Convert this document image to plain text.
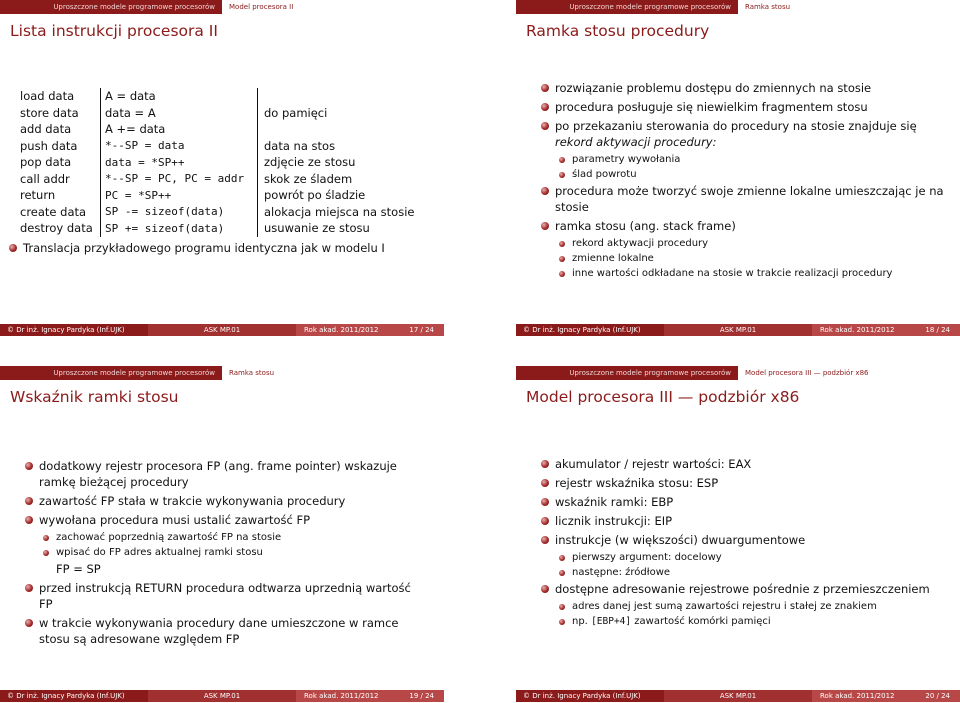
Uproszczone modele programowe procesorów	Model procesora II
Lista instrukcji procesora II
load data	A = data
store data	data = A	do pamięci
add data	A += data
push data	*--SP = data	data na stos
pop data	data = *SP++	zdjęcie ze stosu
call addr	*--SP = PC, PC = addr	skok ze śladem
return	PC = *SP++	powrót po śladzie
create data	SP -= sizeof(data)	alokacja miejsca na stosie
destroy data	SP += sizeof(data)	usuwanie ze stosu
Translacja przykładowego programu identyczna jak w modelu I
© Dr inż. Ignacy Pardyka (Inf.UJK)	ASK MP.01	Rok akad. 2011/2012	17 / 24
Uproszczone modele programowe procesorów	Ramka stosu
Ramka stosu procedury
rozwiązanie problemu dostępu do zmiennych na stosie
procedura posługuje się niewielkim fragmentem stosu
po przekazaniu sterowania do procedury na stosie znajduje się
rekord aktywacji procedury:
parametry wywołania
ślad powrotu
procedura może tworzyć swoje zmienne lokalne umieszczając je na stosie
ramka stosu (ang. stack frame)
rekord aktywacji procedury
zmienne lokalne
inne wartości odkładane na stosie w trakcie realizacji procedury
© Dr inż. Ignacy Pardyka (Inf.UJK)	ASK MP.01	Rok akad. 2011/2012	18 / 24
Uproszczone modele programowe procesorów	Ramka stosu
Wskaźnik ramki stosu
dodatkowy rejestr procesora FP (ang. frame pointer) wskazuje ramkę bieżącej procedury
zawartość FP stała w trakcie wykonywania procedury
wywołana procedura musi ustalić zawartość FP
zachować poprzednią zawartość FP na stosie
wpisać do FP adres aktualnej ramki stosu
FP = SP
przed instrukcją RETURN procedura odtwarza uprzednią wartość FP
w trakcie wykonywania procedury dane umieszczone w ramce stosu są adresowane względem FP
© Dr inż. Ignacy Pardyka (Inf.UJK)	ASK MP.01	Rok akad. 2011/2012	19 / 24
Uproszczone modele programowe procesorów	Model procesora III — podzbiór x86
Model procesora III — podzbiór x86
akumulator / rejestr wartości: EAX
rejestr wskaźnika stosu: ESP
wskaźnik ramki: EBP
licznik instrukcji: EIP
instrukcje (w większości) dwuargumentowe
pierwszy argument: docelowy
następne: źródłowe
dostępne adresowanie rejestrowe pośrednie z przemieszczeniem
adres danej jest sumą zawartości rejestru i stałej ze znakiem
np. [EBP+4] zawartość komórki pamięci
© Dr inż. Ignacy Pardyka (Inf.UJK)	ASK MP.01	Rok akad. 2011/2012	20 / 24
